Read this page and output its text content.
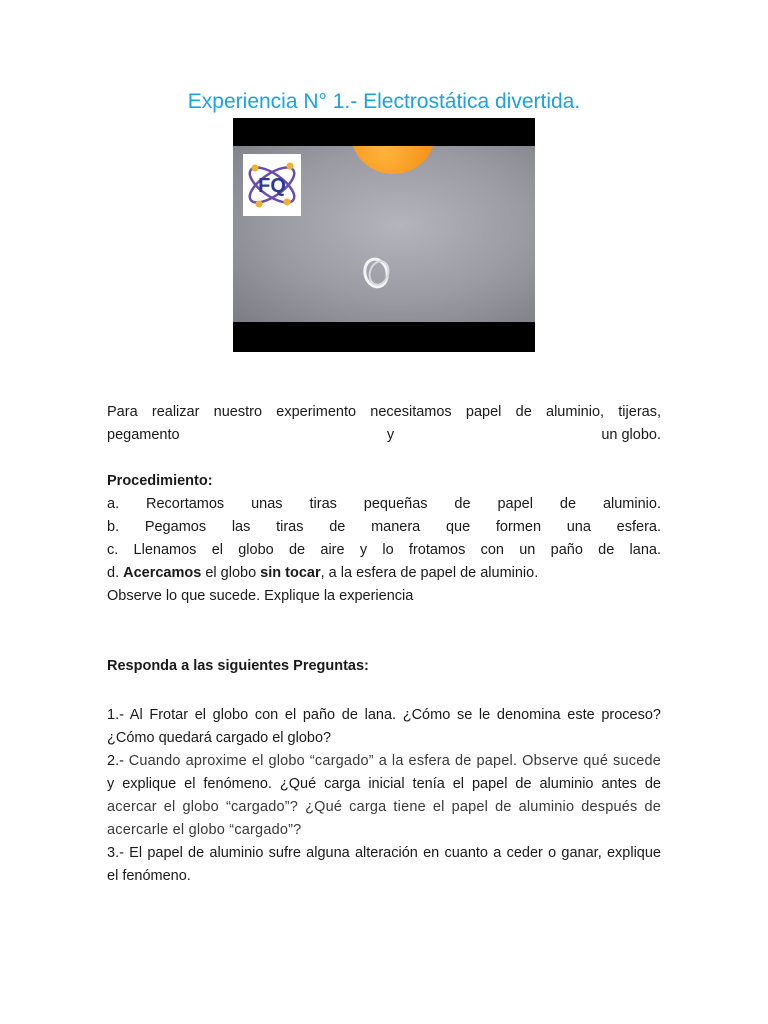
Experiencia N° 1.- Electrostática divertida.
FQ
Para realizar nuestro experimento necesitamos papel de aluminio, tijeras,
pegamento	y	un globo.
Procedimiento:
a. Recortamos unas tiras pequeñas de papel de aluminio.
b. Pegamos las tiras de manera que formen una esfera.
c. Llenamos el globo de aire y lo frotamos con un paño de lana.
d. Acercamos el globo sin tocar, a la esfera de papel de aluminio.
Observe lo que sucede. Explique la experiencia
Responda a las siguientes Preguntas:
1.- Al Frotar el globo con el paño de lana. ¿Cómo se le denomina este proceso?
¿Cómo quedará cargado el globo?
2.- Cuando aproxime el globo “cargado” a la esfera de papel. Observe qué sucede
y explique el fenómeno. ¿Qué carga inicial tenía el papel de aluminio antes de
acercar el globo “cargado”? ¿Qué carga tiene el papel de aluminio después de
acercarle el globo “cargado”?
3.- El papel de aluminio sufre alguna alteración en cuanto a ceder o ganar, explique
el fenómeno.
